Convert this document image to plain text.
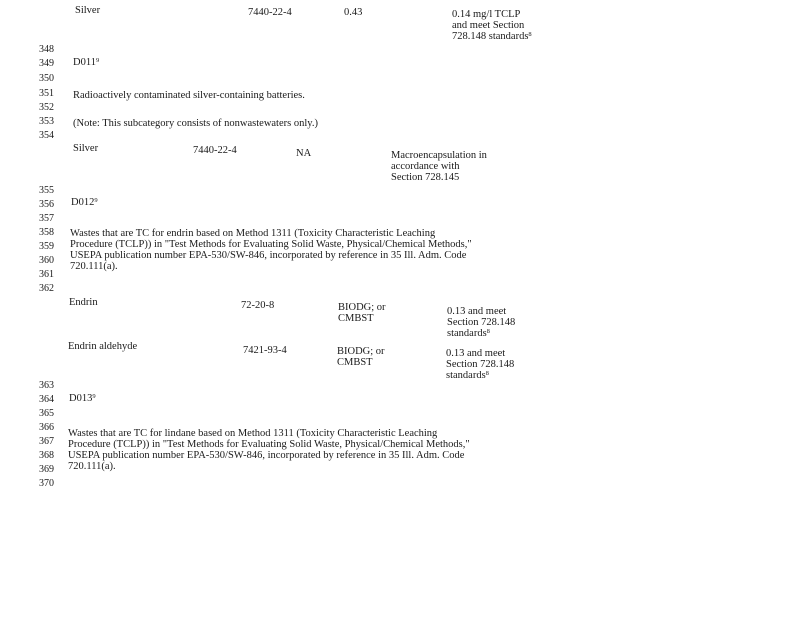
Silver	7440-22-4	0.43	0.14 mg/l TCLP
and meet Section
728.148 standards$^8$
348
349
350
351
352
353
354
355
356
357
358
359
360
361
362
363
364
365
366
367
368
369
370
$D011^9$
Radioactively contaminated silver-containing batteries.
(Note: This subcategory consists of nonwastewaters only.)
Silver	7440-22-4	NA	Macroencapsulation in
accordance with
Section 728.145
$D012^9$
Wastes that are TC for endrin based on Method 1311 (Toxicity Characteristic Leaching
Procedure (TCLP)) in "Test Methods for Evaluating Solid Waste, Physical/Chemical Methods,"
USEPA publication number EPA-530/SW-846, incorporated by reference in 35 Ill. Adm. Code
720.111(a).
Endrin	72-20-8	BIODG; or
CMBST
0.13 and meet
Section 728.148
standards$^8$
Endrin aldehyde	7421-93-4	BIODG; or
CMBST
0.13 and meet
Section 728.148
standards$^8$
$D013^9$
Wastes that are TC for lindane based on Method 1311 (Toxicity Characteristic Leaching
Procedure (TCLP)) in "Test Methods for Evaluating Solid Waste, Physical/Chemical Methods,"
USEPA publication number EPA-530/SW-846, incorporated by reference in 35 Ill. Adm. Code
720.111(a).
